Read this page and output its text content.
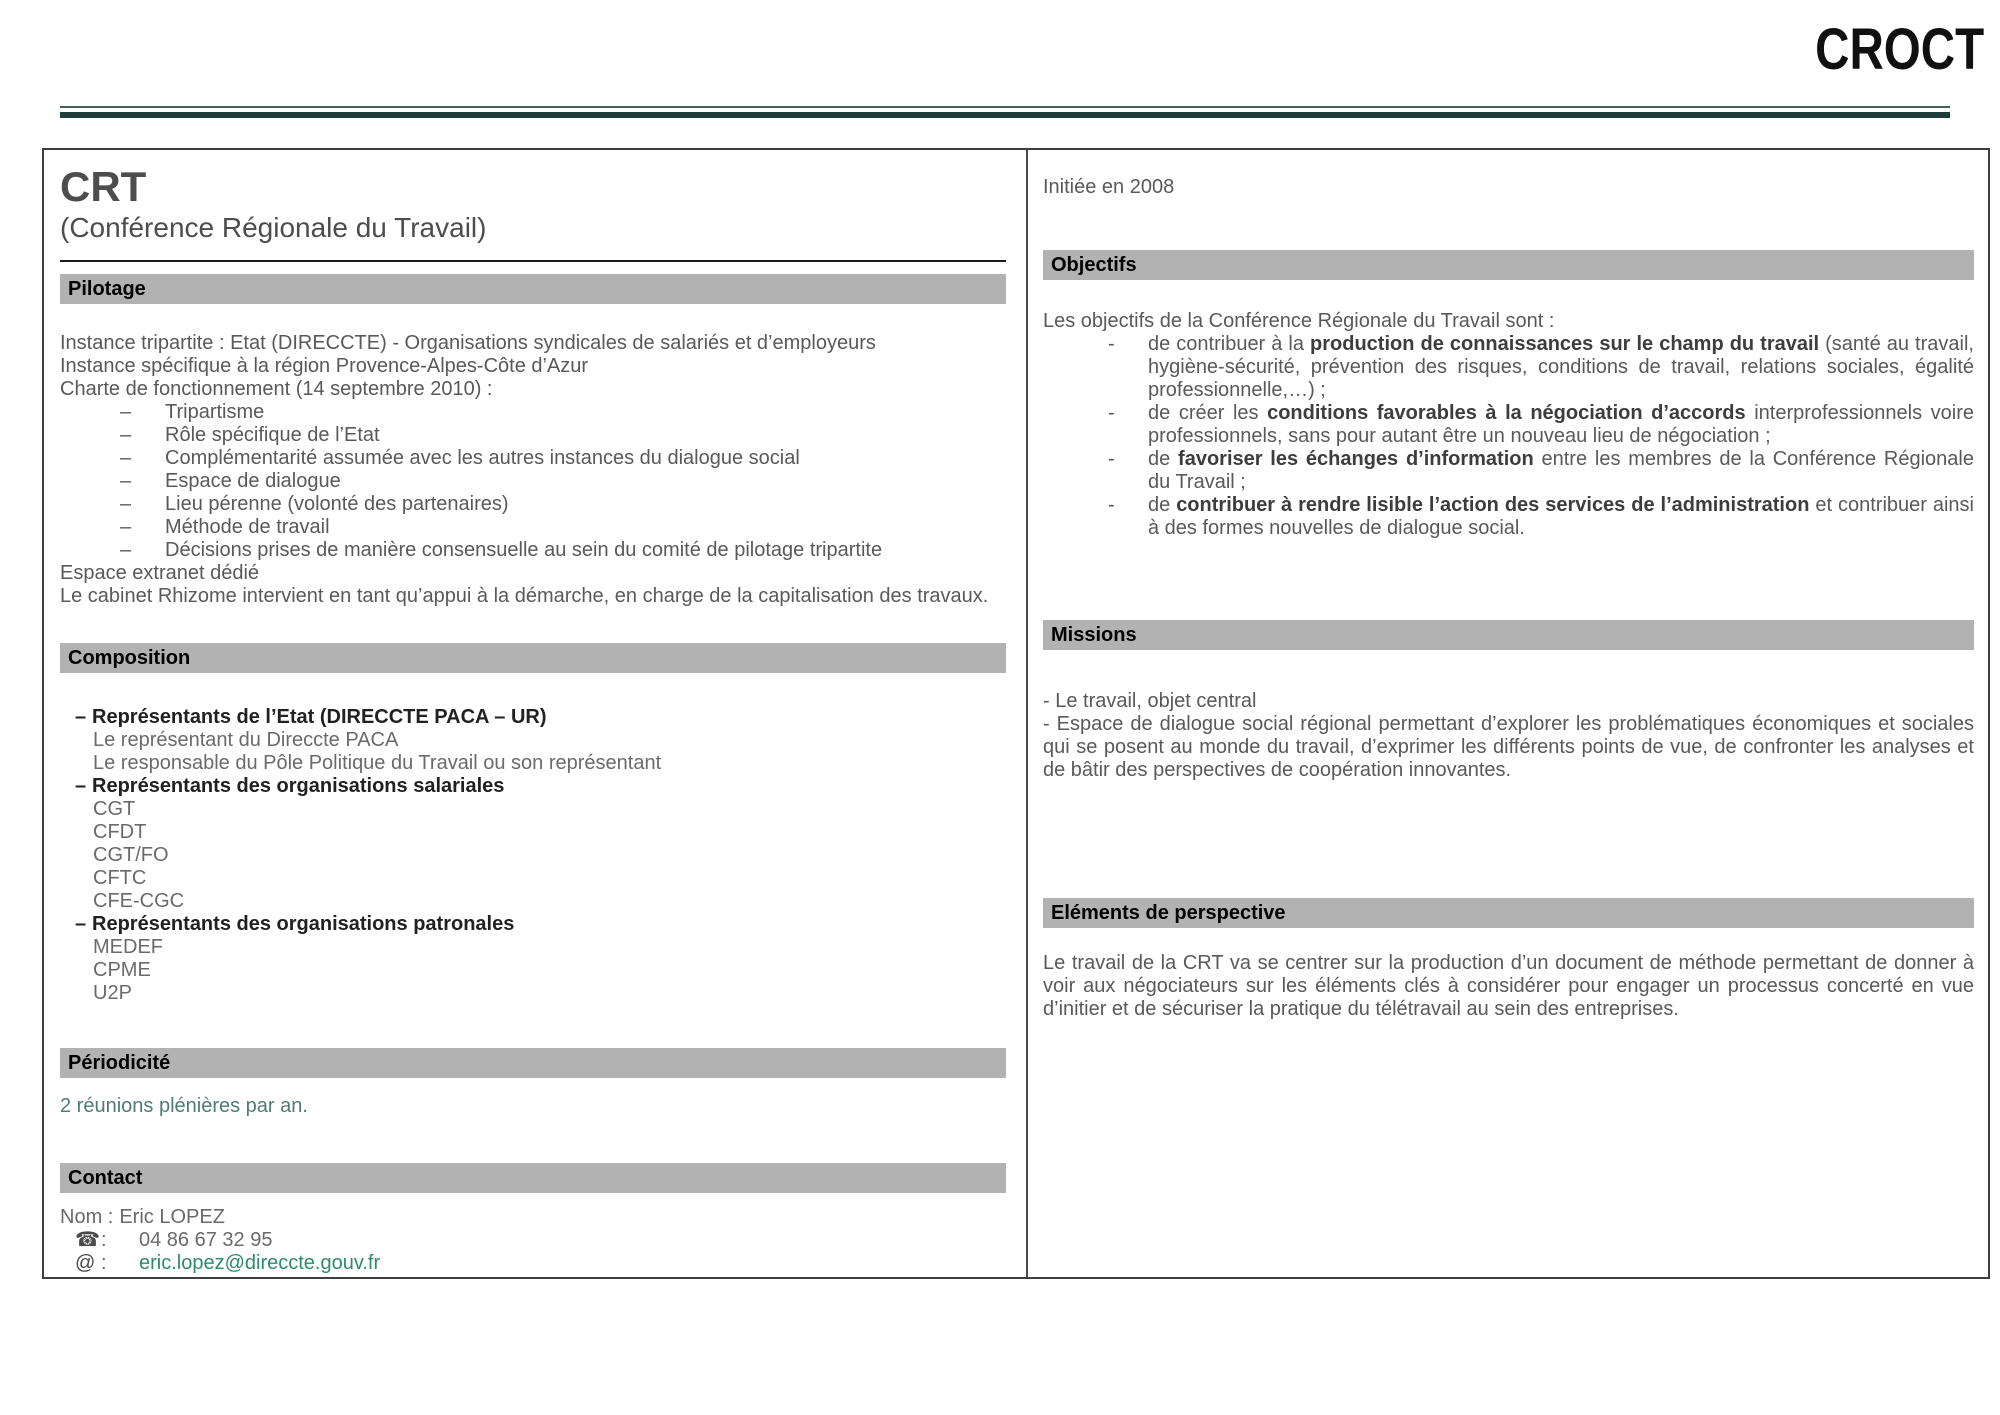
CROCT
CRT
(Conférence Régionale du Travail)
Pilotage
Instance tripartite : Etat (DIRECCTE) - Organisations syndicales de salariés et d’employeurs
Instance spécifique à la région Provence-Alpes-Côte d’Azur
Charte de fonctionnement (14 septembre 2010) :
– Tripartisme
– Rôle spécifique de l’Etat
– Complémentarité assumée avec les autres instances du dialogue social
– Espace de dialogue
– Lieu pérenne (volonté des partenaires)
– Méthode de travail
– Décisions prises de manière consensuelle au sein du comité de pilotage tripartite
Espace extranet dédié
Le cabinet Rhizome intervient en tant qu’appui à la démarche, en charge de la capitalisation des travaux.
Composition
– Représentants de l’Etat (DIRECCTE PACA – UR)
Le représentant du Direccte PACA
Le responsable du Pôle Politique du Travail ou son représentant
– Représentants des organisations salariales
CGT
CFDT
CGT/FO
CFTC
CFE-CGC
– Représentants des organisations patronales
MEDEF
CPME
U2P
Périodicité
2 réunions plénières par an.
Contact
Nom : Eric LOPEZ
☎: 04 86 67 32 95
@ : eric.lopez@direccte.gouv.fr
Initiée en 2008
Objectifs
Les objectifs de la Conférence Régionale du Travail sont :
- de contribuer à la production de connaissances sur le champ du travail (santé au travail, hygiène-sécurité, prévention des risques, conditions de travail, relations sociales, égalité professionnelle,…) ;
- de créer les conditions favorables à la négociation d’accords interprofessionnels voire professionnels, sans pour autant être un nouveau lieu de négociation ;
- de favoriser les échanges d’information entre les membres de la Conférence Régionale du Travail ;
- de contribuer à rendre lisible l’action des services de l’administration et contribuer ainsi à des formes nouvelles de dialogue social.
Missions
- Le travail, objet central
- Espace de dialogue social régional permettant d’explorer les problématiques économiques et sociales qui se posent au monde du travail, d’exprimer les différents points de vue, de confronter les analyses et de bâtir des perspectives de coopération innovantes.
Eléments de perspective
Le travail de la CRT va se centrer sur la production d’un document de méthode permettant de donner à voir aux négociateurs sur les éléments clés à considérer pour engager un processus concerté en vue d’initier et de sécuriser la pratique du télétravail au sein des entreprises.
